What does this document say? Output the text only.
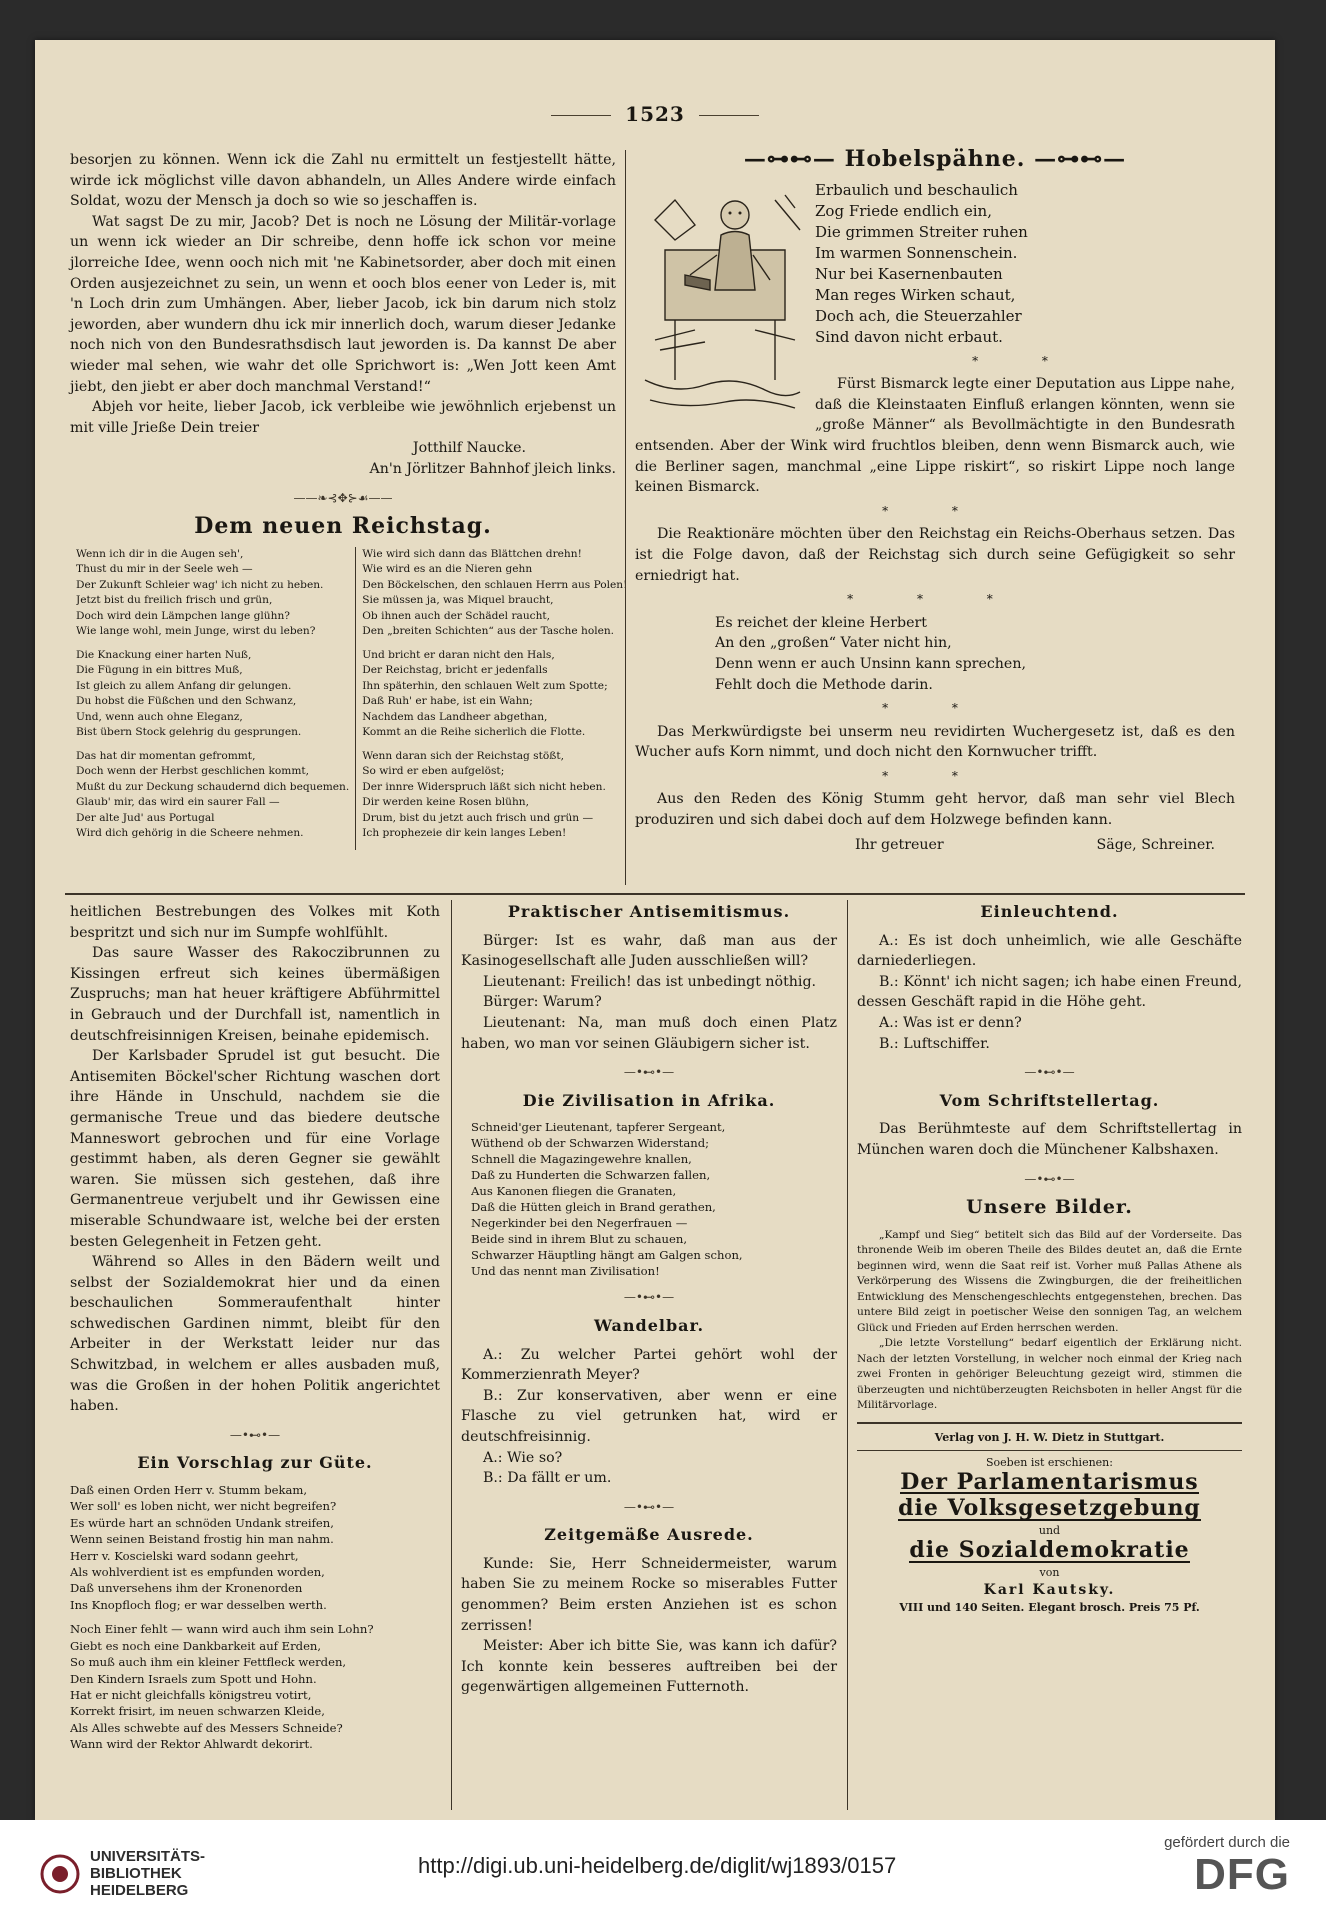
1523

besorjen zu können. Wenn ick die Zahl nu ermittelt un festjestellt hätte, wirde ick möglichst ville davon abhandeln, un Alles Andere wirde einfach Soldat, wozu der Mensch ja doch so wie so jeschaffen is.

Wat sagst De zu mir, Jacob? Det is noch ne Lösung der Militär-vorlage un wenn ick wieder an Dir schreibe, denn hoffe ick schon vor meine jlorreiche Idee, wenn ooch nich mit 'ne Kabinetsorder, aber doch mit einen Orden ausjezeichnet zu sein, un wenn et ooch blos eener von Leder is, mit 'n Loch drin zum Umhängen. Aber, lieber Jacob, ick bin darum nich stolz jeworden, aber wundern dhu ick mir innerlich doch, warum dieser Jedanke noch nich von den Bundesrathsdisch laut jeworden is. Da kannst De aber wieder mal sehen, wie wahr det olle Sprichwort is: „Wen Jott keen Amt jiebt, den jiebt er aber doch manchmal Verstand!“

Abjeh vor heite, lieber Jacob, ick verbleibe wie jewöhnlich erjebenst un mit ville Jrieße Dein treier

Jotthilf Naucke.

An'n Jörlitzer Bahnhof jleich links.

——❧⊰✥⊱☙——
Dem neuen Reichstag.
Wenn ich dir in die Augen seh',
Thust du mir in der Seele weh —
Der Zukunft Schleier wag' ich nicht zu heben.
Jetzt bist du freilich frisch und grün,
Doch wird dein Lämpchen lange glühn?
Wie lange wohl, mein Junge, wirst du leben?
Die Knackung einer harten Nuß,
Die Fügung in ein bittres Muß,
Ist gleich zu allem Anfang dir gelungen.
Du hobst die Füßchen und den Schwanz,
Und, wenn auch ohne Eleganz,
Bist übern Stock gelehrig du gesprungen.
Das hat dir momentan gefrommt,
Doch wenn der Herbst geschlichen kommt,
Mußt du zur Deckung schaudernd dich bequemen.
Glaub' mir, das wird ein saurer Fall —
Der alte Jud' aus Portugal
Wird dich gehörig in die Scheere nehmen.
Wie wird sich dann das Blättchen drehn!
Wie wird es an die Nieren gehn
Den Böckelschen, den schlauen Herrn aus Polen!
Sie müssen ja, was Miquel braucht,
Ob ihnen auch der Schädel raucht,
Den „breiten Schichten“ aus der Tasche holen.
Und bricht er daran nicht den Hals,
Der Reichstag, bricht er jedenfalls
Ihn späterhin, den schlauen Welt zum Spotte;
Daß Ruh' er habe, ist ein Wahn;
Nachdem das Landheer abgethan,
Kommt an die Reihe sicherlich die Flotte.
Wenn daran sich der Reichstag stößt,
So wird er eben aufgelöst;
Der innre Widerspruch läßt sich nicht heben.
Dir werden keine Rosen blühn,
Drum, bist du jetzt auch frisch und grün —
Ich prophezeie dir kein langes Leben!
—⊶⊷— Hobelspähne. —⊶⊷—
Erbaulich und beschaulich
Zog Friede endlich ein,
Die grimmen Streiter ruhen
Im warmen Sonnenschein.
Nur bei Kasernenbauten
Man reges Wirken schaut,
Doch ach, die Steuerzahler
Sind davon nicht erbaut.
* *

Fürst Bismarck legte einer Deputation aus Lippe nahe, daß die Kleinstaaten Einfluß erlangen könnten, wenn sie „große Männer“ als Bevollmächtigte in den Bundesrath entsenden. Aber der Wink wird fruchtlos bleiben, denn wenn Bismarck auch, wie die Berliner sagen, manchmal „eine Lippe riskirt“, so riskirt Lippe noch lange keinen Bismarck.

* *

Die Reaktionäre möchten über den Reichstag ein Reichs-Oberhaus setzen. Das ist die Folge davon, daß der Reichstag sich durch seine Gefügigkeit so sehr erniedrigt hat.

* * *
Es reichet der kleine Herbert
An den „großen“ Vater nicht hin,
Denn wenn er auch Unsinn kann sprechen,
Fehlt doch die Methode darin.
* *

Das Merkwürdigste bei unserm neu revidirten Wuchergesetz ist, daß es den Wucher aufs Korn nimmt, und doch nicht den Kornwucher trifft.

* *

Aus den Reden des König Stumm geht hervor, daß man sehr viel Blech produziren und sich dabei doch auf dem Holzwege befinden kann.

Ihr getreuer	Säge, Schreiner.

heitlichen Bestrebungen des Volkes mit Koth bespritzt und sich nur im Sumpfe wohlfühlt.

Das saure Wasser des Rakoczibrunnen zu Kissingen erfreut sich keines übermäßigen Zuspruchs; man hat heuer kräftigere Abführmittel in Gebrauch und der Durchfall ist, namentlich in deutschfreisinnigen Kreisen, beinahe epidemisch.

Der Karlsbader Sprudel ist gut besucht. Die Antisemiten Böckel'scher Richtung waschen dort ihre Hände in Unschuld, nachdem sie die germanische Treue und das biedere deutsche Manneswort gebrochen und für eine Vorlage gestimmt haben, als deren Gegner sie gewählt waren. Sie müssen sich gestehen, daß ihre Germanentreue verjubelt und ihr Gewissen eine miserable Schundwaare ist, welche bei der ersten besten Gelegenheit in Fetzen geht.

Während so Alles in den Bädern weilt und selbst der Sozialdemokrat hier und da einen beschaulichen Sommeraufenthalt hinter schwedischen Gardinen nimmt, bleibt für den Arbeiter in der Werkstatt leider nur das Schwitzbad, in welchem er alles ausbaden muß, was die Großen in der hohen Politik angerichtet haben.

—•⊷•—
Ein Vorschlag zur Güte.
Daß einen Orden Herr v. Stumm bekam,
Wer soll' es loben nicht, wer nicht begreifen?
Es würde hart an schnöden Undank streifen,
Wenn seinen Beistand frostig hin man nahm.
Herr v. Koscielski ward sodann geehrt,
Als wohlverdient ist es empfunden worden,
Daß unversehens ihm der Kronenorden
Ins Knopfloch flog; er war desselben werth.
Noch Einer fehlt — wann wird auch ihm sein Lohn?
Giebt es noch eine Dankbarkeit auf Erden,
So muß auch ihm ein kleiner Fettfleck werden,
Den Kindern Israels zum Spott und Hohn.
Hat er nicht gleichfalls königstreu votirt,
Korrekt frisirt, im neuen schwarzen Kleide,
Als Alles schwebte auf des Messers Schneide?
Wann wird der Rektor Ahlwardt dekorirt.
Praktischer Antisemitismus.

Bürger: Ist es wahr, daß man aus der Kasinogesellschaft alle Juden ausschließen will?

Lieutenant: Freilich! das ist unbedingt nöthig.

Bürger: Warum?

Lieutenant: Na, man muß doch einen Platz haben, wo man vor seinen Gläubigern sicher ist.

—•⊷•—
Die Zivilisation in Afrika.
Schneid'ger Lieutenant, tapferer Sergeant,
Wüthend ob der Schwarzen Widerstand;
Schnell die Magazingewehre knallen,
Daß zu Hunderten die Schwarzen fallen,
Aus Kanonen fliegen die Granaten,
Daß die Hütten gleich in Brand gerathen,
Negerkinder bei den Negerfrauen —
Beide sind in ihrem Blut zu schauen,
Schwarzer Häuptling hängt am Galgen schon,
Und das nennt man Zivilisation!
—•⊷•—
Wandelbar.

A.: Zu welcher Partei gehört wohl der Kommerzienrath Meyer?

B.: Zur konservativen, aber wenn er eine Flasche zu viel getrunken hat, wird er deutschfreisinnig.

A.: Wie so?

B.: Da fällt er um.

—•⊷•—
Zeitgemäße Ausrede.

Kunde: Sie, Herr Schneidermeister, warum haben Sie zu meinem Rocke so miserables Futter genommen? Beim ersten Anziehen ist es schon zerrissen!

Meister: Aber ich bitte Sie, was kann ich dafür? Ich konnte kein besseres auftreiben bei der gegenwärtigen allgemeinen Futternoth.

Einleuchtend.

A.: Es ist doch unheimlich, wie alle Geschäfte darniederliegen.

B.: Könnt' ich nicht sagen; ich habe einen Freund, dessen Geschäft rapid in die Höhe geht.

A.: Was ist er denn?

B.: Luftschiffer.

—•⊷•—
Vom Schriftstellertag.

Das Berühmteste auf dem Schriftstellertag in München waren doch die Münchener Kalbshaxen.

—•⊷•—
Unsere Bilder.

„Kampf und Sieg“ betitelt sich das Bild auf der Vorderseite. Das thronende Weib im oberen Theile des Bildes deutet an, daß die Ernte beginnen wird, wenn die Saat reif ist. Vorher muß Pallas Athene als Verkörperung des Wissens die Zwingburgen, die der freiheitlichen Entwicklung des Menschengeschlechts entgegenstehen, brechen. Das untere Bild zeigt in poetischer Weise den sonnigen Tag, an welchem Glück und Frieden auf Erden herrschen werden.

„Die letzte Vorstellung“ bedarf eigentlich der Erklärung nicht. Nach der letzten Vorstellung, in welcher noch einmal der Krieg nach zwei Fronten in gehöriger Beleuchtung gezeigt wird, stimmen die überzeugten und nichtüberzeugten Reichsboten in heller Angst für die Militärvorlage.

Verlag von J. H. W. Dietz in Stuttgart.
Soeben ist erschienen:
Der Parlamentarismus
die Volksgesetzgebung
und
die Sozialdemokratie
von
Karl Kautsky.
VIII und 140 Seiten. Elegant brosch. Preis 75 Pf.
UNIVERSITÄTS-
BIBLIOTHEK
HEIDELBERG
http://digi.ub.uni-heidelberg.de/diglit/wj1893/0157
gefördert durch die
DFG
